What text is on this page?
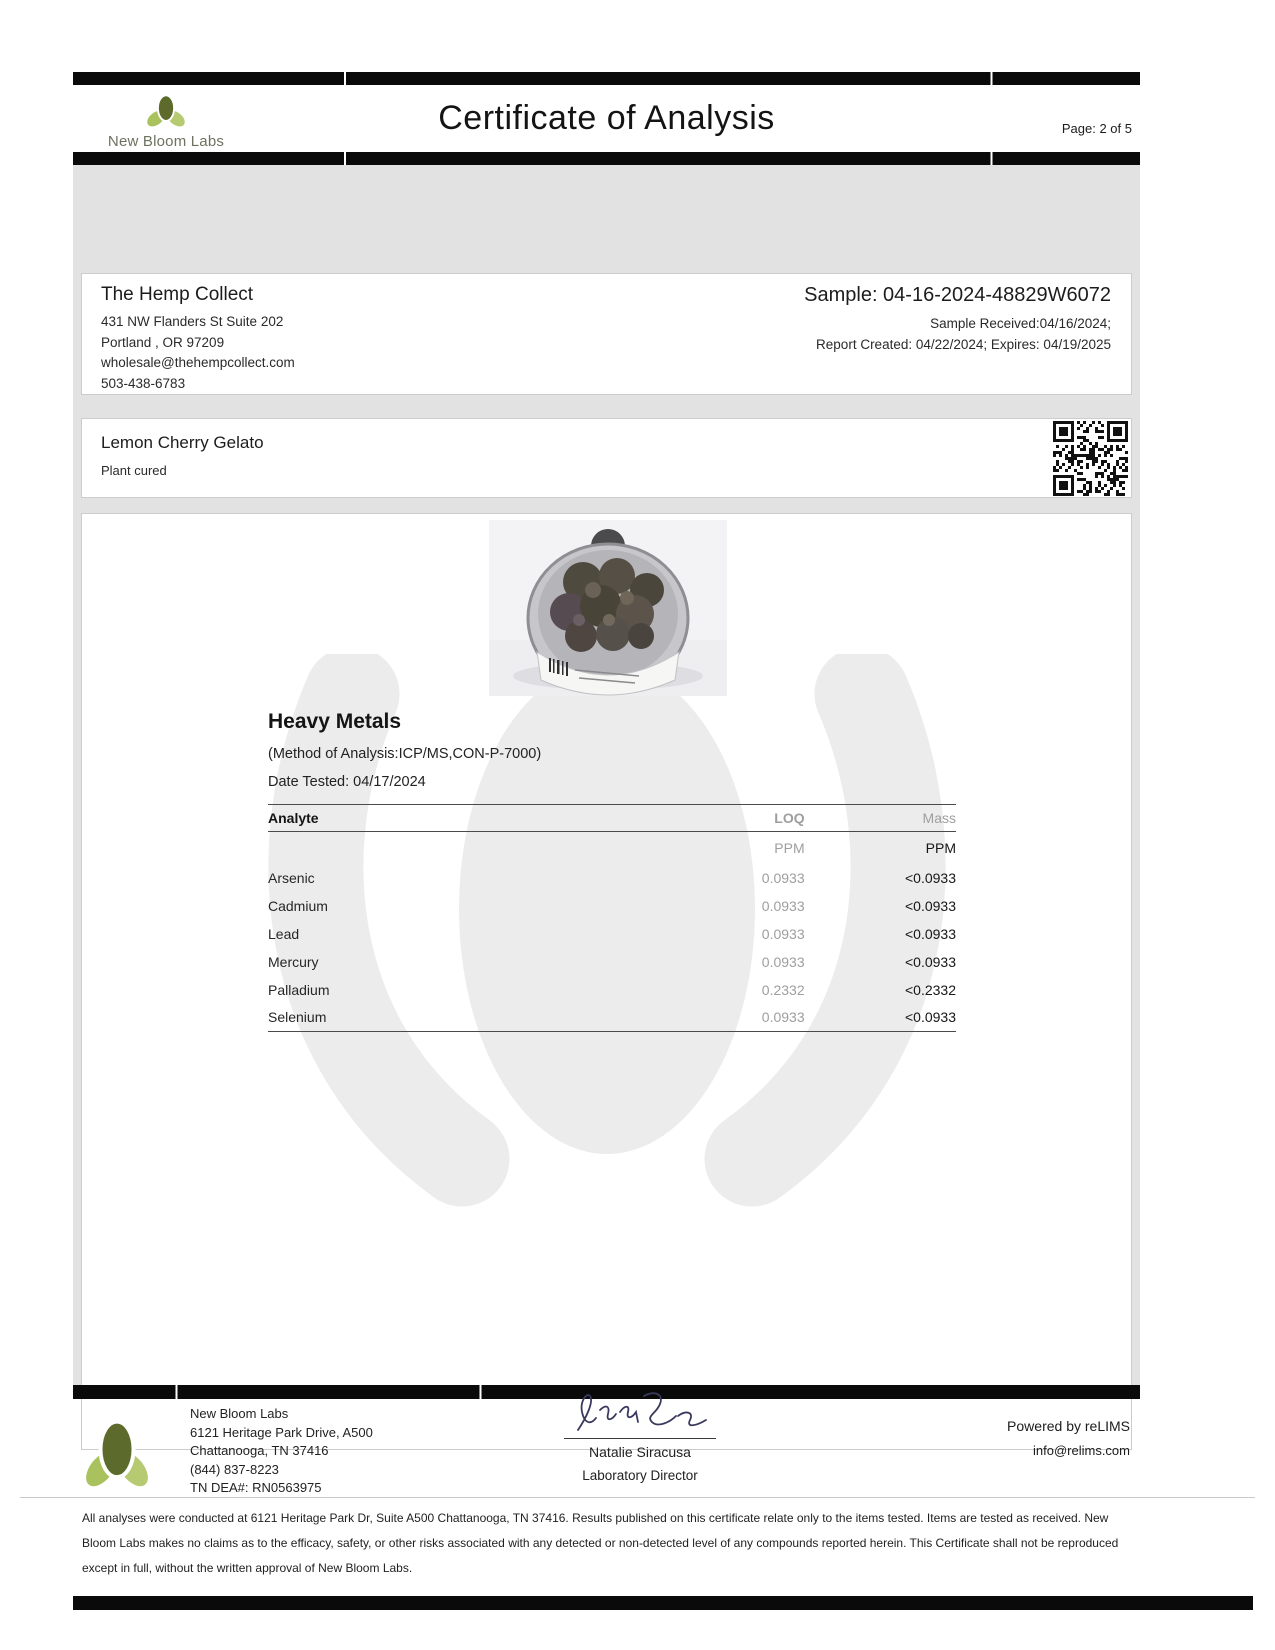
New Bloom Labs
Certificate of Analysis	Page: 2 of 5
The Hemp Collect
431 NW Flanders St Suite 202
Portland , OR 97209
wholesale@thehempcollect.com
503-438-6783
Sample: 04-16-2024-48829W6072
Sample Received:04/16/2024;
Report Created: 04/22/2024; Expires: 04/19/2025
Lemon Cherry Gelato
Plant cured
Heavy Metals
(Method of Analysis:ICP/MS,CON-P-7000)
Date Tested: 04/17/2024
Analyte	LOQ	Mass
	PPM	PPM
Arsenic	0.0933	<0.0933
Cadmium	0.0933	<0.0933
Lead	0.0933	<0.0933
Mercury	0.0933	<0.0933
Palladium	0.2332	<0.2332
Selenium	0.0933	<0.0933

New Bloom Labs
6121 Heritage Park Drive, A500
Chattanooga, TN 37416
(844) 837-8223
TN DEA#: RN0563975
Natalie Siracusa
Laboratory Director
Powered by reLIMS
info@relims.com
All analyses were conducted at 6121 Heritage Park Dr, Suite A500 Chattanooga, TN 37416. Results published on this certificate relate only to the items tested. Items are tested as received. New Bloom Labs makes no claims as to the efficacy, safety, or other risks associated with any detected or non-detected level of any compounds reported herein. This Certificate shall not be reproduced except in full, without the written approval of New Bloom Labs.
